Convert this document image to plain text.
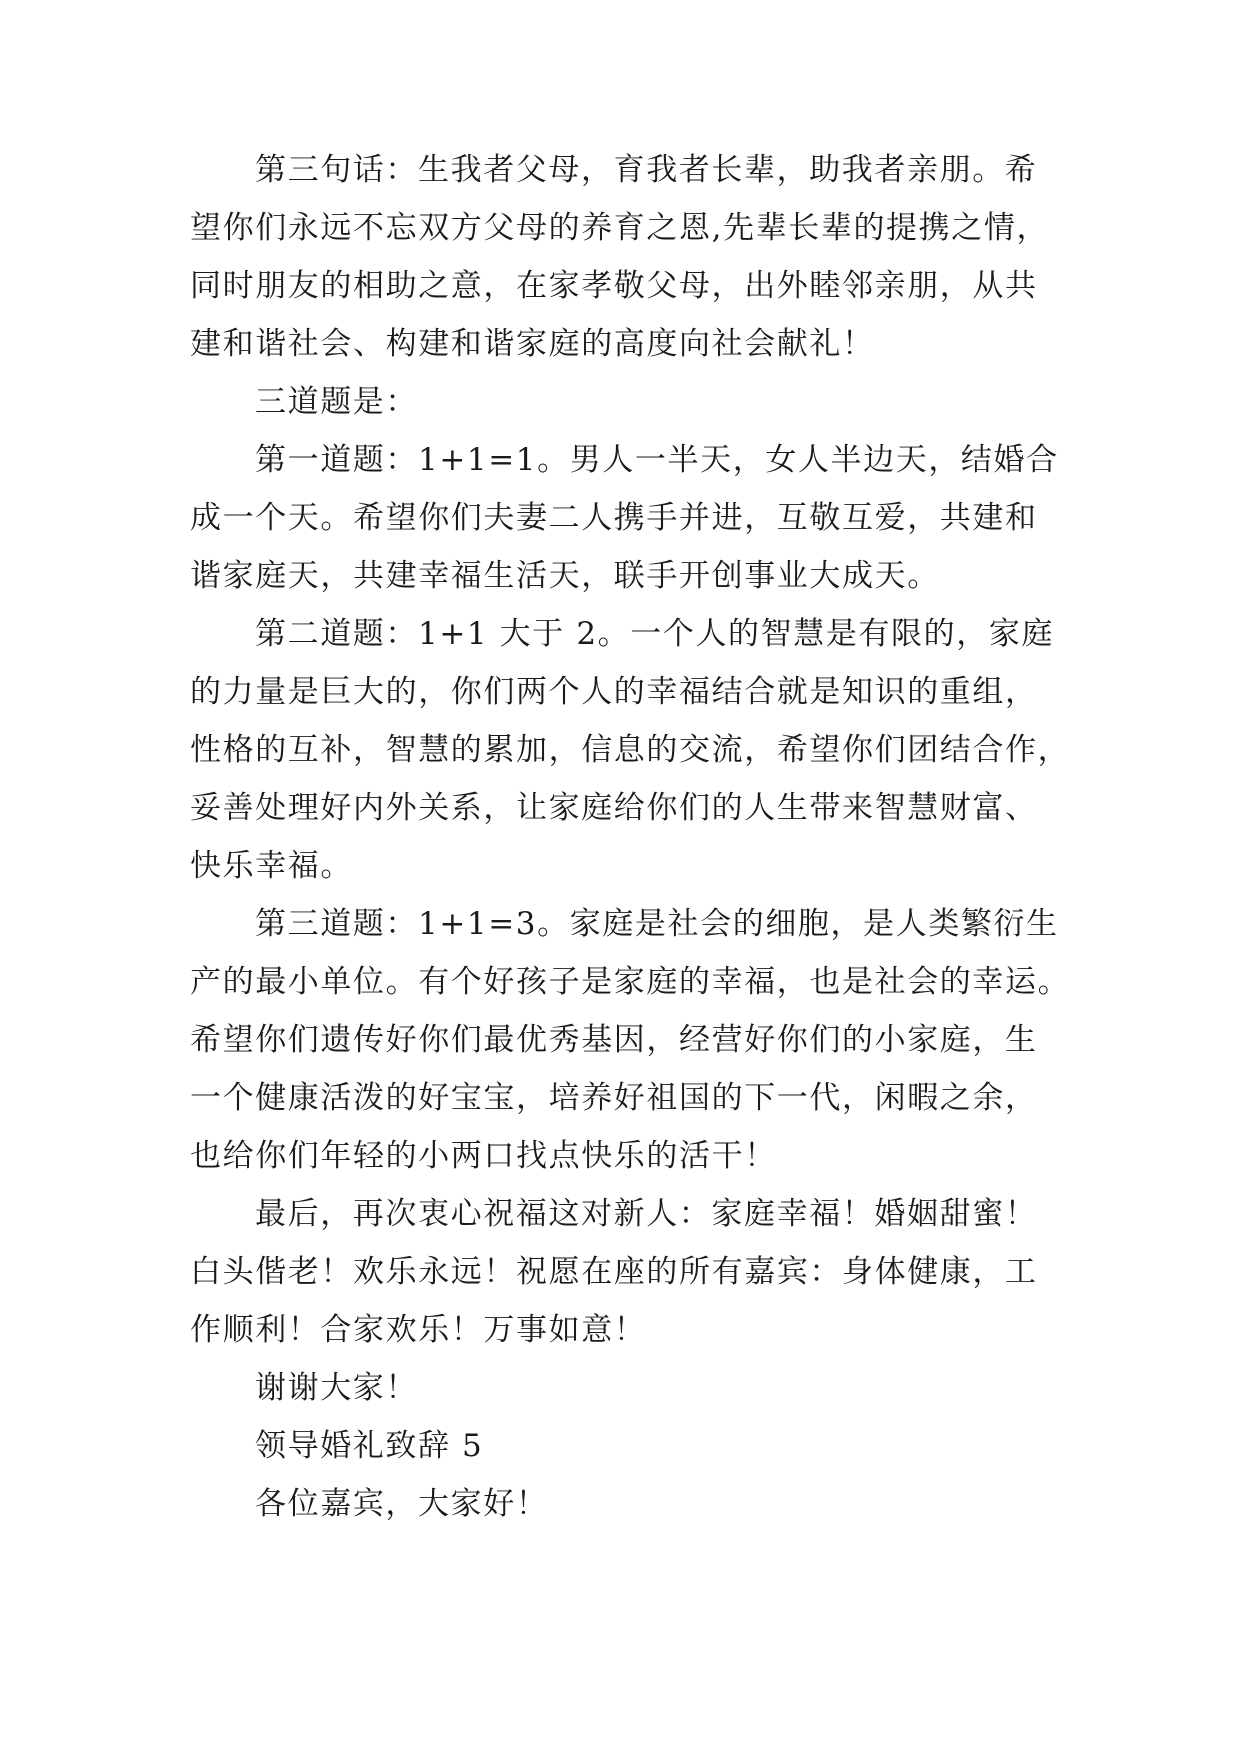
第三句话：生我者父母，育我者长辈，助我者亲朋。希
望你们永远不忘双方父母的养育之恩,先辈长辈的提携之情，
同时朋友的相助之意，在家孝敬父母，出外睦邻亲朋，从共
建和谐社会、构建和谐家庭的高度向社会献礼！
三道题是：
第一道题：1+1=1。男人一半天，女人半边天，结婚合
成一个天。希望你们夫妻二人携手并进，互敬互爱，共建和
谐家庭天，共建幸福生活天，联手开创事业大成天。
第二道题：1+1 大于 2。一个人的智慧是有限的，家庭
的力量是巨大的，你们两个人的幸福结合就是知识的重组，
性格的互补，智慧的累加，信息的交流，希望你们团结合作，
妥善处理好内外关系，让家庭给你们的人生带来智慧财富、
快乐幸福。
第三道题：1+1=3。家庭是社会的细胞，是人类繁衍生
产的最小单位。有个好孩子是家庭的幸福，也是社会的幸运。
希望你们遗传好你们最优秀基因，经营好你们的小家庭，生
一个健康活泼的好宝宝，培养好祖国的下一代，闲暇之余，
也给你们年轻的小两口找点快乐的活干！
最后，再次衷心祝福这对新人：家庭幸福！婚姻甜蜜！
白头偕老！欢乐永远！祝愿在座的所有嘉宾：身体健康，工
作顺利！合家欢乐！万事如意！
谢谢大家！
领导婚礼致辞 5
各位嘉宾，大家好！
